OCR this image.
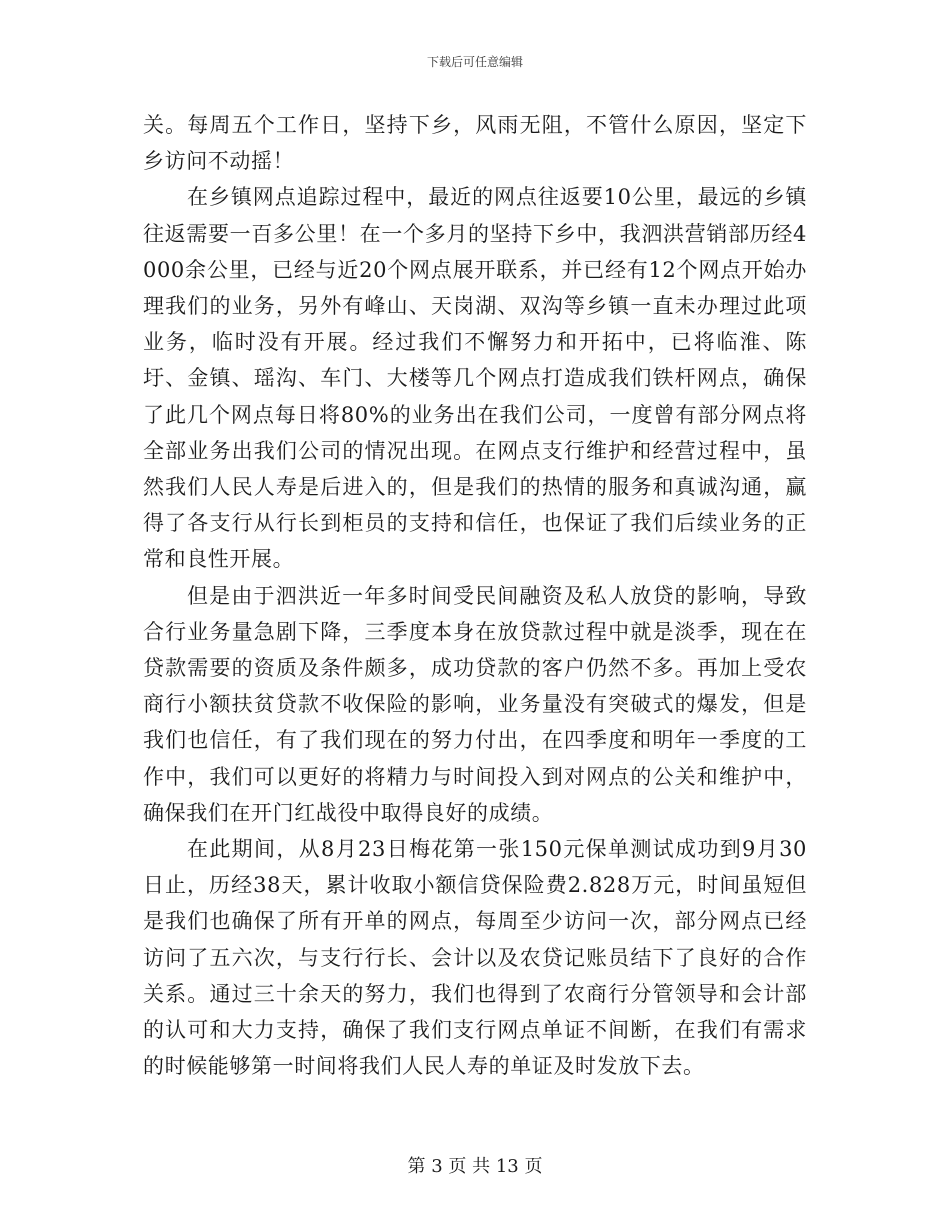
下载后可任意编辑

关。每周五个工作日，坚持下乡，风雨无阻，不管什么原因，坚定下乡访问不动摇！

在乡镇网点追踪过程中，最近的网点往返要10公里，最远的乡镇往返需要一百多公里！在一个多月的坚持下乡中，我泗洪营销部历经4000余公里，已经与近20个网点展开联系，并已经有12个网点开始办理我们的业务，另外有峰山、天岗湖、双沟等乡镇一直未办理过此项业务，临时没有开展。经过我们不懈努力和开拓中，已将临淮、陈圩、金镇、瑶沟、车门、大楼等几个网点打造成我们铁杆网点，确保了此几个网点每日将80%的业务出在我们公司，一度曾有部分网点将全部业务出我们公司的情况出现。在网点支行维护和经营过程中，虽然我们人民人寿是后进入的，但是我们的热情的服务和真诚沟通，赢得了各支行从行长到柜员的支持和信任，也保证了我们后续业务的正常和良性开展。

但是由于泗洪近一年多时间受民间融资及私人放贷的影响，导致合行业务量急剧下降，三季度本身在放贷款过程中就是淡季，现在在贷款需要的资质及条件颇多，成功贷款的客户仍然不多。再加上受农商行小额扶贫贷款不收保险的影响，业务量没有突破式的爆发，但是我们也信任，有了我们现在的努力付出，在四季度和明年一季度的工作中，我们可以更好的将精力与时间投入到对网点的公关和维护中，确保我们在开门红战役中取得良好的成绩。

在此期间，从8月23日梅花第一张150元保单测试成功到9月30日止，历经38天，累计收取小额信贷保险费2.828万元，时间虽短但是我们也确保了所有开单的网点，每周至少访问一次，部分网点已经访问了五六次，与支行行长、会计以及农贷记账员结下了良好的合作关系。通过三十余天的努力，我们也得到了农商行分管领导和会计部的认可和大力支持，确保了我们支行网点单证不间断，在我们有需求的时候能够第一时间将我们人民人寿的单证及时发放下去。

第 3 页 共 13 页
